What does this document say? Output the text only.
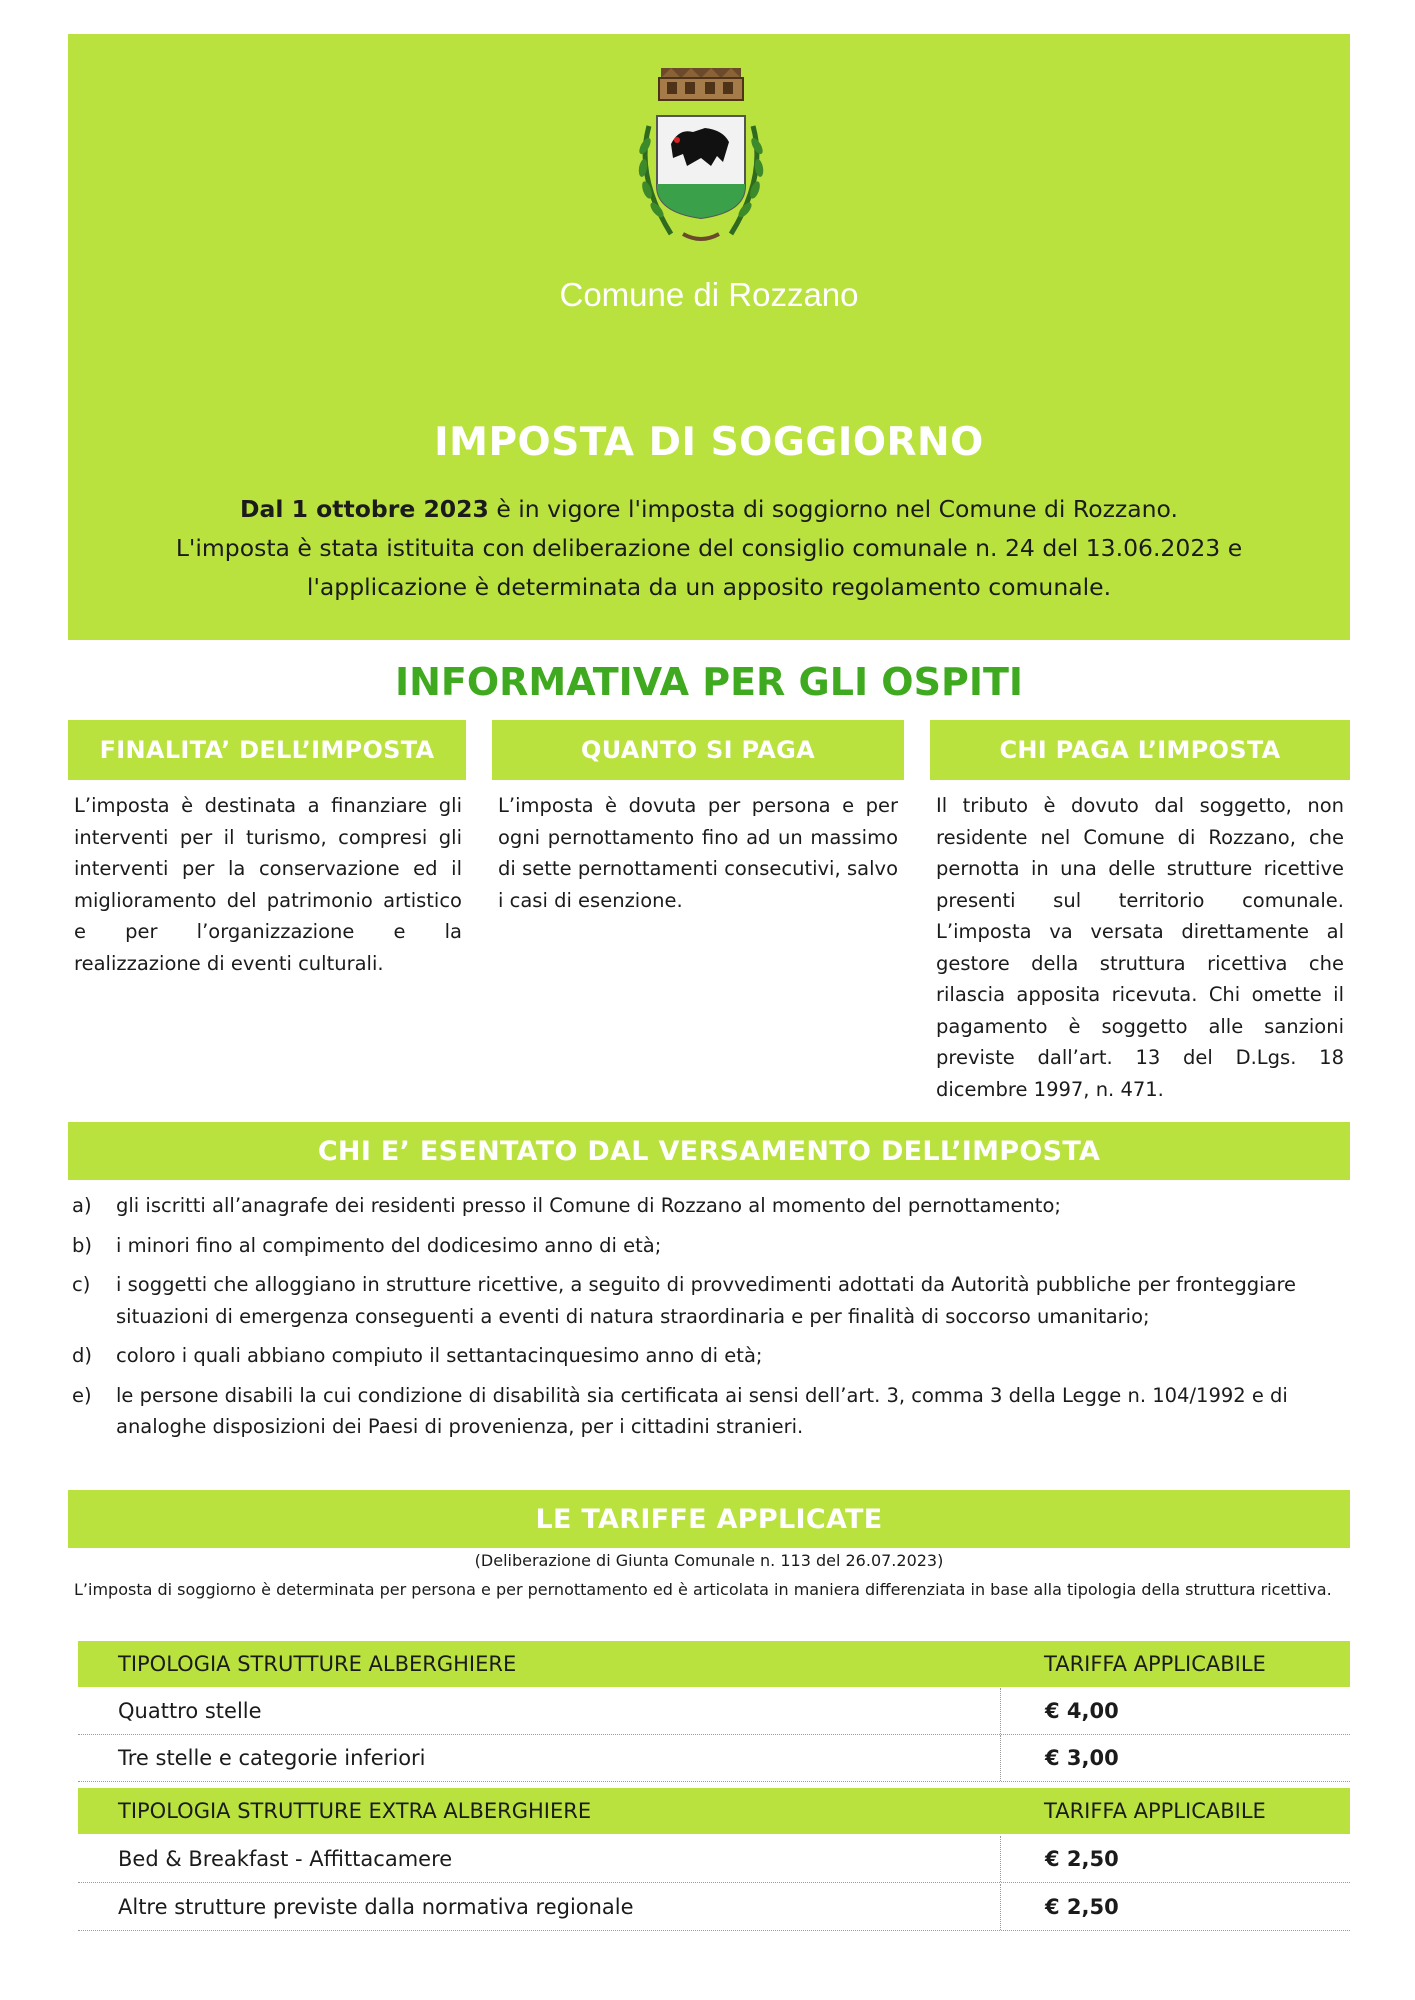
Comune di Rozzano
IMPOSTA DI SOGGIORNO

Dal 1 ottobre 2023 è in vigore l'imposta di soggiorno nel Comune di Rozzano.

L'imposta è stata istituita con deliberazione del consiglio comunale n. 24 del 13.06.2023 e

l'applicazione è determinata da un apposito regolamento comunale.

INFORMATIVA PER GLI OSPITI
FINALITA’ DELL’IMPOSTA	QUANTO SI PAGA	CHI PAGA L’IMPOSTA
L’imposta è destinata a finanziare gli interventi per il turismo, compresi gli interventi per la conservazione ed il miglioramento del patrimonio artistico e per l’organizzazione e la realizzazione di eventi culturali.
L’imposta è dovuta per persona e per ogni pernottamento fino ad un massimo di sette pernottamenti consecutivi, salvo i casi di esenzione.
Il tributo è dovuto dal soggetto, non residente nel Comune di Rozzano, che pernotta in una delle strutture ricettive presenti sul territorio comunale. L’imposta va versata direttamente al gestore della struttura ricettiva che rilascia apposita ricevuta. Chi omette il pagamento è soggetto alle sanzioni previste dall’art. 13 del D.Lgs. 18 dicembre 1997, n. 471.
CHI E’ ESENTATO DAL VERSAMENTO DELL’IMPOSTA
a)	gli iscritti all’anagrafe dei residenti presso il Comune di Rozzano al momento del pernottamento;
b)	i minori fino al compimento del dodicesimo anno di età;
c)	i soggetti che alloggiano in strutture ricettive, a seguito di provvedimenti adottati da Autorità pubbliche per fronteggiare situazioni di emergenza conseguenti a eventi di natura straordinaria e per finalità di soccorso umanitario;
d)	coloro i quali abbiano compiuto il settantacinquesimo anno di età;
e)	le persone disabili la cui condizione di disabilità sia certificata ai sensi dell’art. 3, comma 3 della Legge n. 104/1992 e di analoghe disposizioni dei Paesi di provenienza, per i cittadini stranieri.
LE TARIFFE APPLICATE
(Deliberazione di Giunta Comunale n. 113 del 26.07.2023)
L’imposta di soggiorno è determinata per persona e per pernottamento ed è articolata in maniera differenziata in base alla tipologia della struttura ricettiva.
TIPOLOGIA STRUTTURE ALBERGHIERE	TARIFFA APPLICABILE
Quattro stelle	€ 4,00
Tre stelle e categorie inferiori	€ 3,00
TIPOLOGIA STRUTTURE EXTRA ALBERGHIERE	TARIFFA APPLICABILE
Bed & Breakfast - Affittacamere	€ 2,50
Altre strutture previste dalla normativa regionale	€ 2,50
